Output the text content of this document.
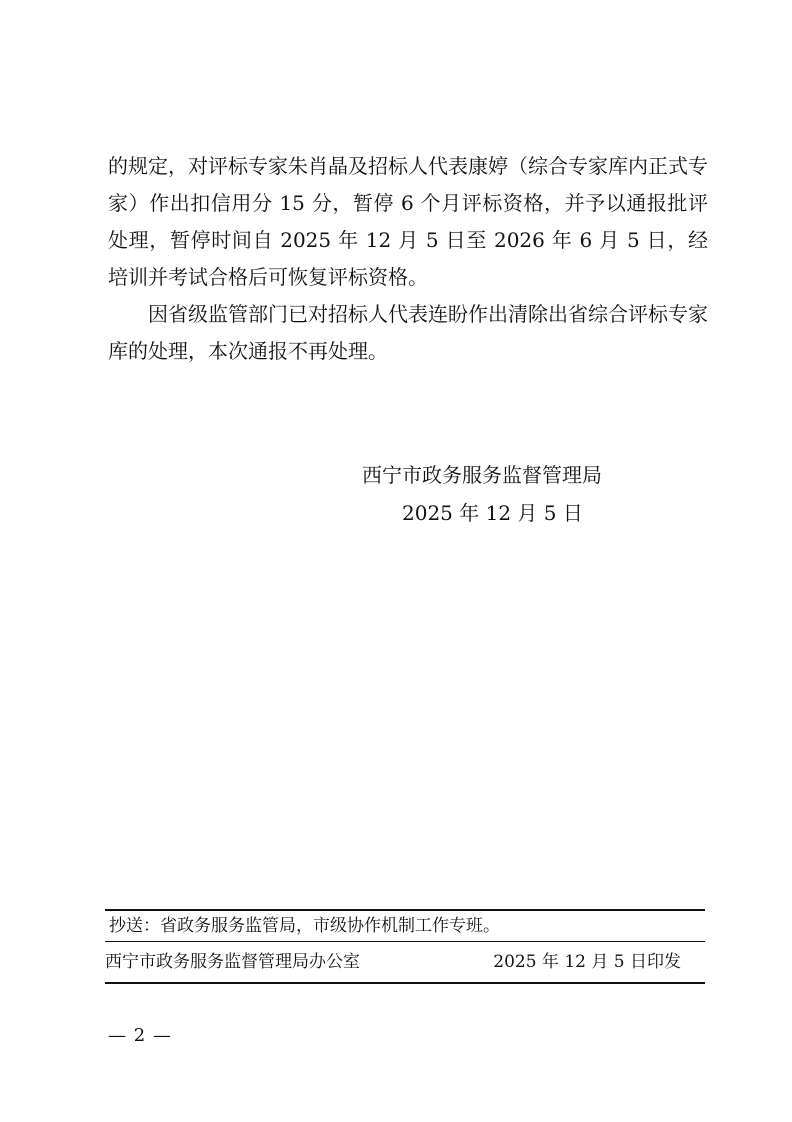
的规定，对评标专家朱肖晶及招标人代表康婷（综合专家库内正式专家）作出扣信用分 15 分，暂停 6 个月评标资格，并予以通报批评处理，暂停时间自 2025 年 12 月 5 日至 2026 年 6 月 5 日，经培训并考试合格后可恢复评标资格。

因省级监管部门已对招标人代表连盼作出清除出省综合评标专家库的处理，本次通报不再处理。

西宁市政务服务监督管理局
2025 年 12 月 5 日
抄送：省政务服务监管局，市级协作机制工作专班。
西宁市政务服务监督管理局办公室	2025 年 12 月 5 日印发
— 2 —
